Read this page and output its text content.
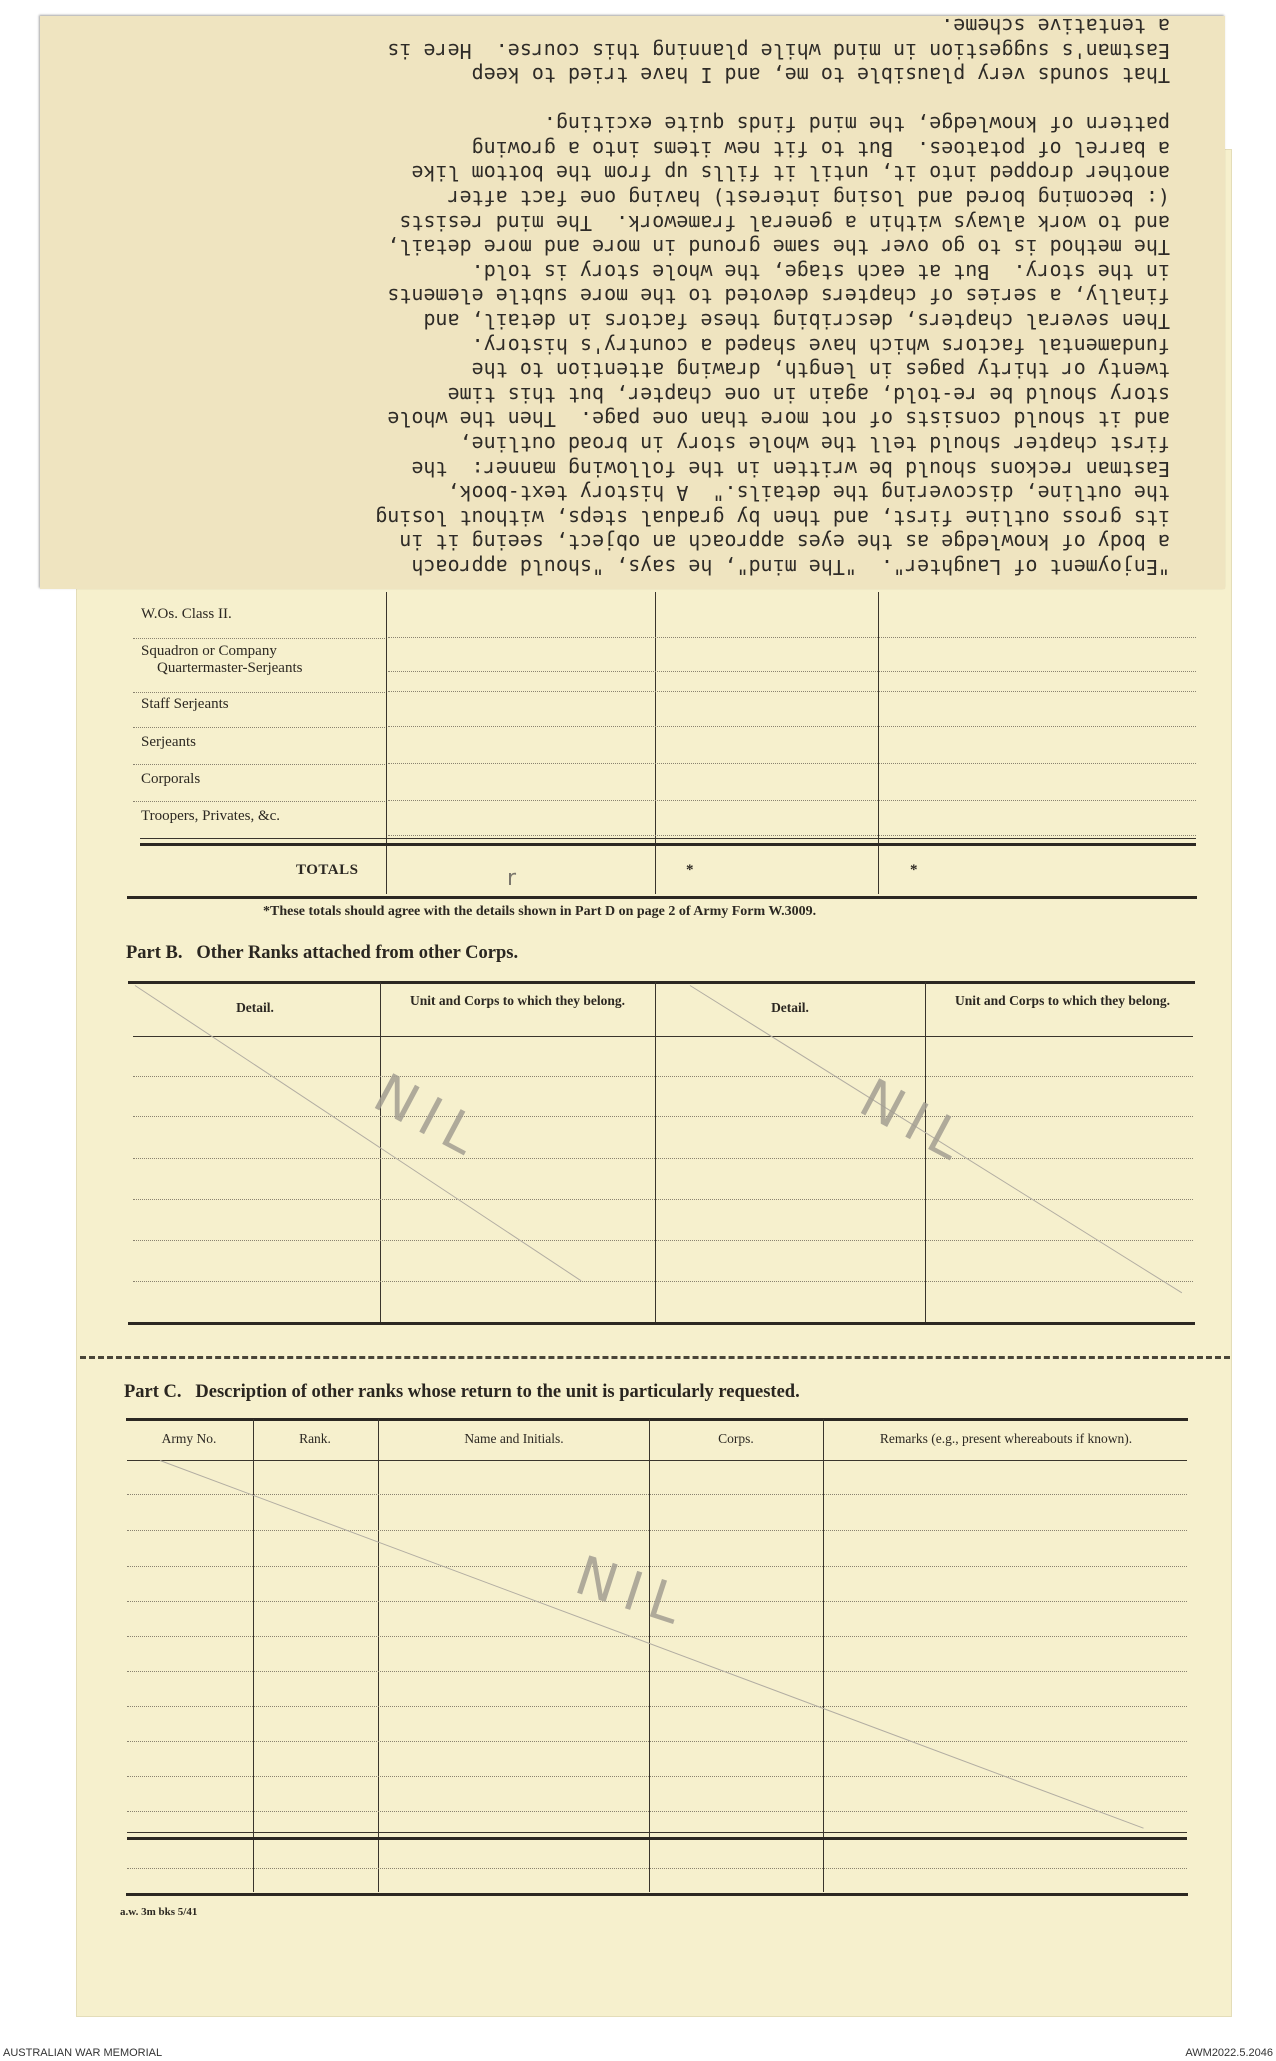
"Enjoyment of Laughter".  "The mind", he says, "should approach
a body of knowledge as the eyes approach an object, seeing it in
its gross outline first, and then by gradual steps, without losing
the outline, discovering the details."  A history text-book,
Eastman reckons should be written in the following manner:  the
first chapter should tell the whole story in broad outline,
and it should consists of not more than one page.  Then the whole
story should be re-told, again in one chapter, but this time
twenty or thirty pages in length, drawing attention to the
fundamental factors which have shaped a country's history.
Then several chapters, describing these factors in detail, and
finally, a series of chapters devoted to the more subtle elements
in the story.  But at each stage, the whole story is told.
The method is to go over the same ground in more and more detail,
and to work always within a general framework.  The mind resists
(: becoming bored and losing interest) having one fact after
another dropped into it, until it fills up from the bottom like
a barrel of potatoes.  But to fit new items into a growing
pattern of knowledge, the mind finds quite exciting.

That sounds very plausible to me, and I have tried to keep
Eastman's suggestion in mind while planning this course.  Here is
a tentative scheme.
W.Os. Class II.
Squadron or Company
Quartermaster-Serjeants
Staff Serjeants
Serjeants
Corporals
Troopers, Privates, &c.
TOTALS	r	*	*
*These totals should agree with the details shown in Part D on page 2 of Army Form W.3009.
Part B.   Other Ranks attached from other Corps.
Detail.	Unit and Corps to which they belong.	Detail.	Unit and Corps to which they belong.
NIL	NIL
Part C.   Description of other ranks whose return to the unit is particularly requested.
Army No.	Rank.	Name and Initials.	Corps.	Remarks (e.g., present whereabouts if known).
NIL
a.w. 3m bks 5/41
AUSTRALIAN WAR MEMORIAL	AWM2022.5.2046
